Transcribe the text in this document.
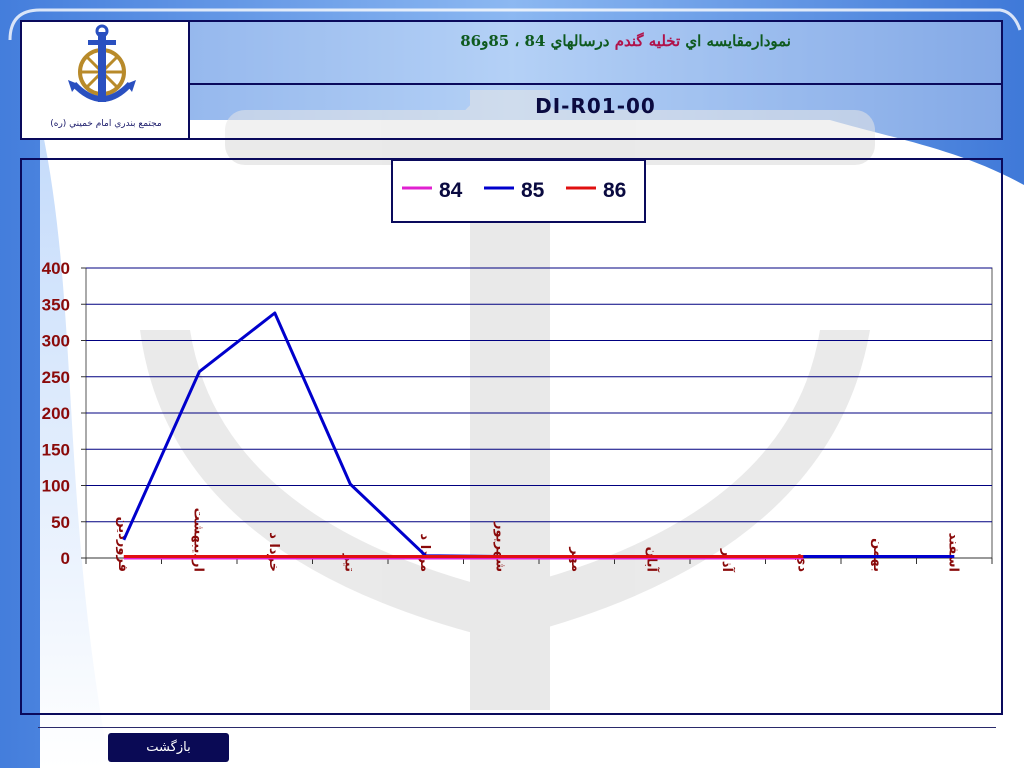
مجتمع بندري امام خميني (ره)
نمودارمقايسه اي تخليه گندم درسالهاي 84 ، 85و86
DI-R01-00
0
50
100
150
200
250
300
350
400
فروردين	ارديبهشت	خردا د	تير	مردا د	شهريور	مهر	آبان	آذ ر	دي	بهمن	اسفند
84	85	86
بازگشت
